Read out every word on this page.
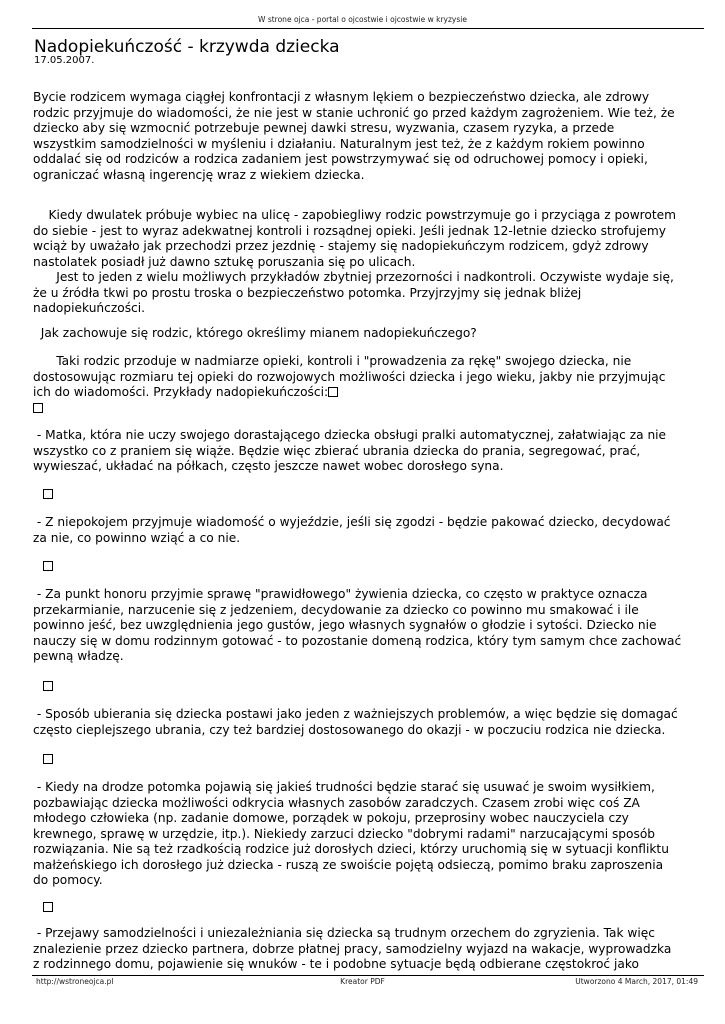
W strone ojca - portal o ojcostwie i ojcostwie w kryzysie
Nadopiekuńczość - krzywda dziecka
17.05.2007.

Bycie rodzicem wymaga ciągłej konfrontacji z własnym lękiem o bezpieczeństwo dziecka, ale zdrowy

rodzic przyjmuje do wiadomości, że nie jest w stanie uchronić go przed każdym zagrożeniem. Wie też, że

dziecko aby się wzmocnić potrzebuje pewnej dawki stresu, wyzwania, czasem ryzyka, a przede

wszystkim samodzielności w myśleniu i działaniu. Naturalnym jest też, że z każdym rokiem powinno

oddalać się od rodziców a rodzica zadaniem jest powstrzymywać się od odruchowej pomocy i opieki,

ograniczać własną ingerencję wraz z wiekiem dziecka.

Kiedy dwulatek próbuje wybiec na ulicę - zapobiegliwy rodzic powstrzymuje go i przyciąga z powrotem

do siebie - jest to wyraz adekwatnej kontroli i rozsądnej opieki. Jeśli jednak 12-letnie dziecko strofujemy

wciąż by uważało jak przechodzi przez jezdnię - stajemy się nadopiekuńczym rodzicem, gdyż zdrowy

nastolatek posiadł już dawno sztukę poruszania się po ulicach.

Jest to jeden z wielu możliwych przykładów zbytniej przezorności i nadkontroli. Oczywiste wydaje się,

że u źródła tkwi po prostu troska o bezpieczeństwo potomka. Przyjrzyjmy się jednak bliżej

nadopiekuńczości.

Jak zachowuje się rodzic, którego określimy mianem nadopiekuńczego?

Taki rodzic przoduje w nadmiarze opieki, kontroli i "prowadzenia za rękę" swojego dziecka, nie

dostosowując rozmiaru tej opieki do rozwojowych możliwości dziecka i jego wieku, jakby nie przyjmując

ich do wiadomości. Przykłady nadopiekuńczości:

- Matka, która nie uczy swojego dorastającego dziecka obsługi pralki automatycznej, załatwiając za nie

wszystko co z praniem się wiąże. Będzie więc zbierać ubrania dziecka do prania, segregować, prać,

wywieszać, układać na półkach, często jeszcze nawet wobec dorosłego syna.

- Z niepokojem przyjmuje wiadomość o wyjeździe, jeśli się zgodzi - będzie pakować dziecko, decydować

za nie, co powinno wziąć a co nie.

- Za punkt honoru przyjmie sprawę "prawidłowego" żywienia dziecka, co często w praktyce oznacza

przekarmianie, narzucenie się z jedzeniem, decydowanie za dziecko co powinno mu smakować i ile

powinno jeść, bez uwzględnienia jego gustów, jego własnych sygnałów o głodzie i sytości. Dziecko nie

nauczy się w domu rodzinnym gotować - to pozostanie domeną rodzica, który tym samym chce zachować

pewną władzę.

- Sposób ubierania się dziecka postawi jako jeden z ważniejszych problemów, a więc będzie się domagać

często cieplejszego ubrania, czy też bardziej dostosowanego do okazji - w poczuciu rodzica nie dziecka.

- Kiedy na drodze potomka pojawią się jakieś trudności będzie starać się usuwać je swoim wysiłkiem,

pozbawiając dziecka możliwości odkrycia własnych zasobów zaradczych. Czasem zrobi więc coś ZA

młodego człowieka (np. zadanie domowe, porządek w pokoju, przeprosiny wobec nauczyciela czy

krewnego, sprawę w urzędzie, itp.). Niekiedy zarzuci dziecko "dobrymi radami" narzucającymi sposób

rozwiązania. Nie są też rzadkością rodzice już dorosłych dzieci, którzy uruchomią się w sytuacji konfliktu

małżeńskiego ich dorosłego już dziecka - ruszą ze swoiście pojętą odsieczą, pomimo braku zaproszenia

do pomocy.

- Przejawy samodzielności i uniezależniania się dziecka są trudnym orzechem do zgryzienia. Tak więc

znalezienie przez dziecko partnera, dobrze płatnej pracy, samodzielny wyjazd na wakacje, wyprowadzka

z rodzinnego domu, pojawienie się wnuków - te i podobne sytuacje będą odbierane częstokroć jako

http://wstroneojca.pl	Kreator PDF	Utworzono 4 March, 2017, 01:49
